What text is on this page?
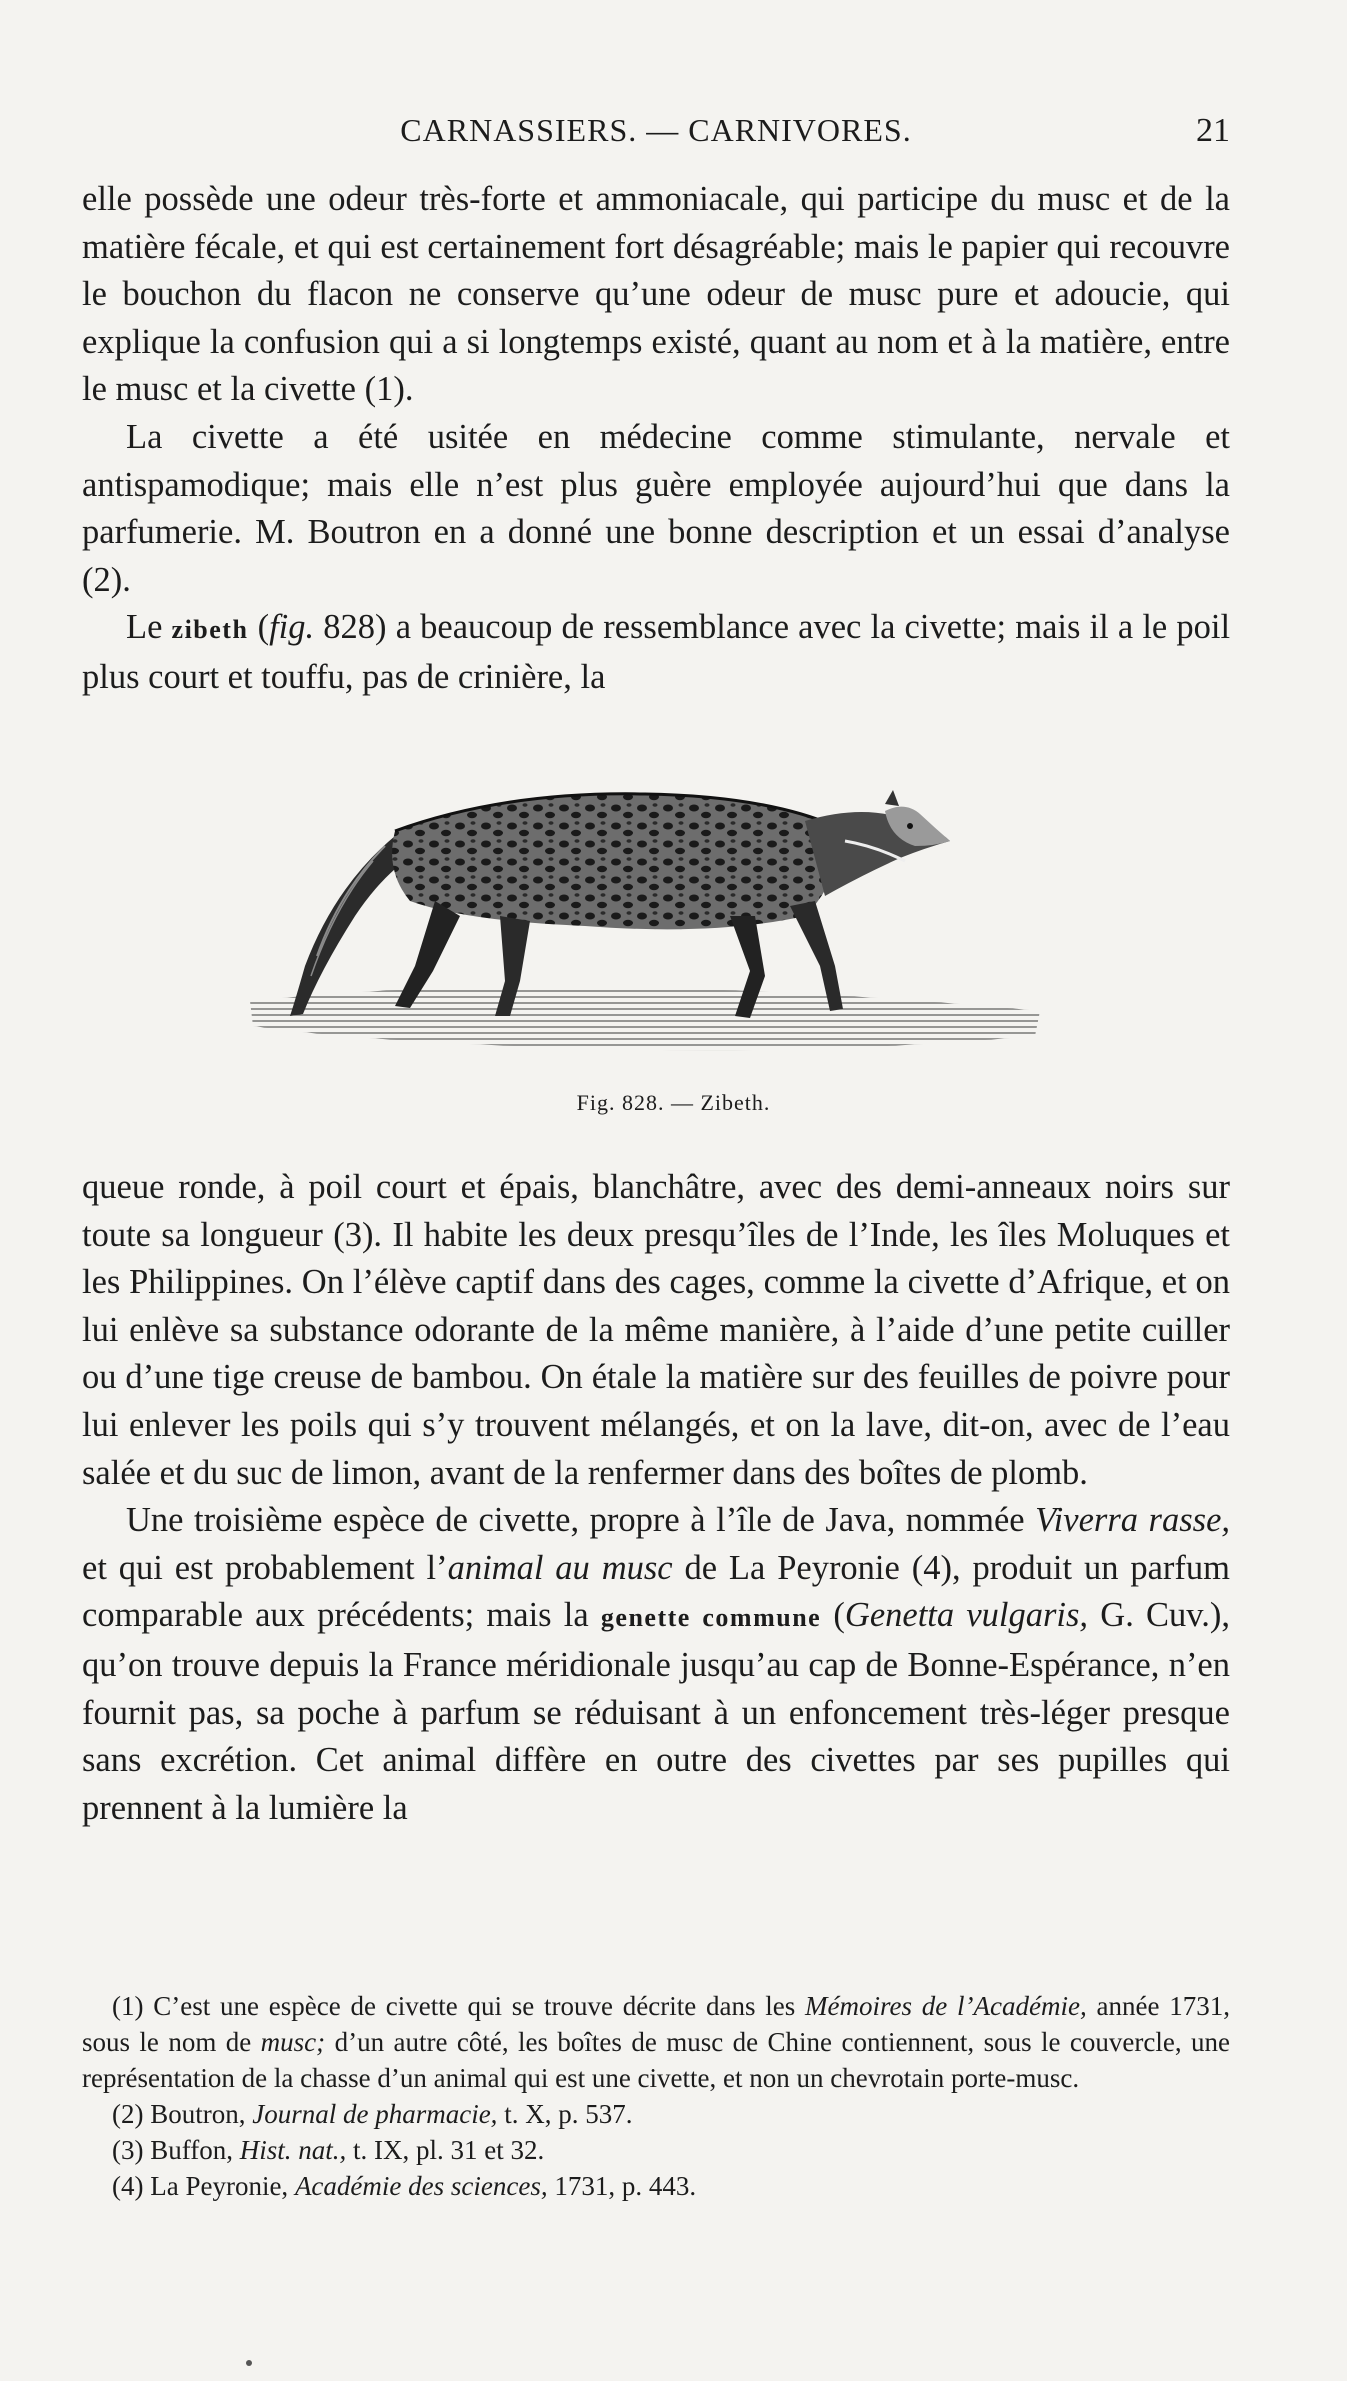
CARNASSIERS. — CARNIVORES.	21

elle possède une odeur très-forte et ammoniacale, qui participe du musc et de la matière fécale, et qui est certainement fort désagréable; mais le papier qui recouvre le bouchon du flacon ne conserve qu’une odeur de musc pure et adoucie, qui explique la confusion qui a si longtemps existé, quant au nom et à la matière, entre le musc et la civette (1).

La civette a été usitée en médecine comme stimulante, nervale et antispamodique; mais elle n’est plus guère employée aujourd’hui que dans la parfumerie. M. Boutron en a donné une bonne description et un essai d’analyse (2).

Le zibeth (fig. 828) a beaucoup de ressemblance avec la civette; mais il a le poil plus court et touffu, pas de crinière, la

Fig. 828. — Zibeth.

queue ronde, à poil court et épais, blanchâtre, avec des demi-anneaux noirs sur toute sa longueur (3). Il habite les deux presqu’îles de l’Inde, les îles Moluques et les Philippines. On l’élève captif dans des cages, comme la civette d’Afrique, et on lui enlève sa substance odorante de la même manière, à l’aide d’une petite cuiller ou d’une tige creuse de bambou. On étale la matière sur des feuilles de poivre pour lui enlever les poils qui s’y trouvent mélangés, et on la lave, dit-on, avec de l’eau salée et du suc de limon, avant de la renfermer dans des boîtes de plomb.

Une troisième espèce de civette, propre à l’île de Java, nommée Viverra rasse, et qui est probablement l’animal au musc de La Peyronie (4), produit un parfum comparable aux précédents; mais la genette commune (Genetta vulgaris, G. Cuv.), qu’on trouve depuis la France méridionale jusqu’au cap de Bonne-Espérance, n’en fournit pas, sa poche à parfum se réduisant à un enfoncement très-léger presque sans excrétion. Cet animal diffère en outre des civettes par ses pupilles qui prennent à la lumière la

(1) C’est une espèce de civette qui se trouve décrite dans les Mémoires de l’Académie, année 1731, sous le nom de musc; d’un autre côté, les boîtes de musc de Chine contiennent, sous le couvercle, une représentation de la chasse d’un animal qui est une civette, et non un chevrotain porte-musc.

(2) Boutron, Journal de pharmacie, t. X, p. 537.

(3) Buffon, Hist. nat., t. IX, pl. 31 et 32.

(4) La Peyronie, Académie des sciences, 1731, p. 443.
